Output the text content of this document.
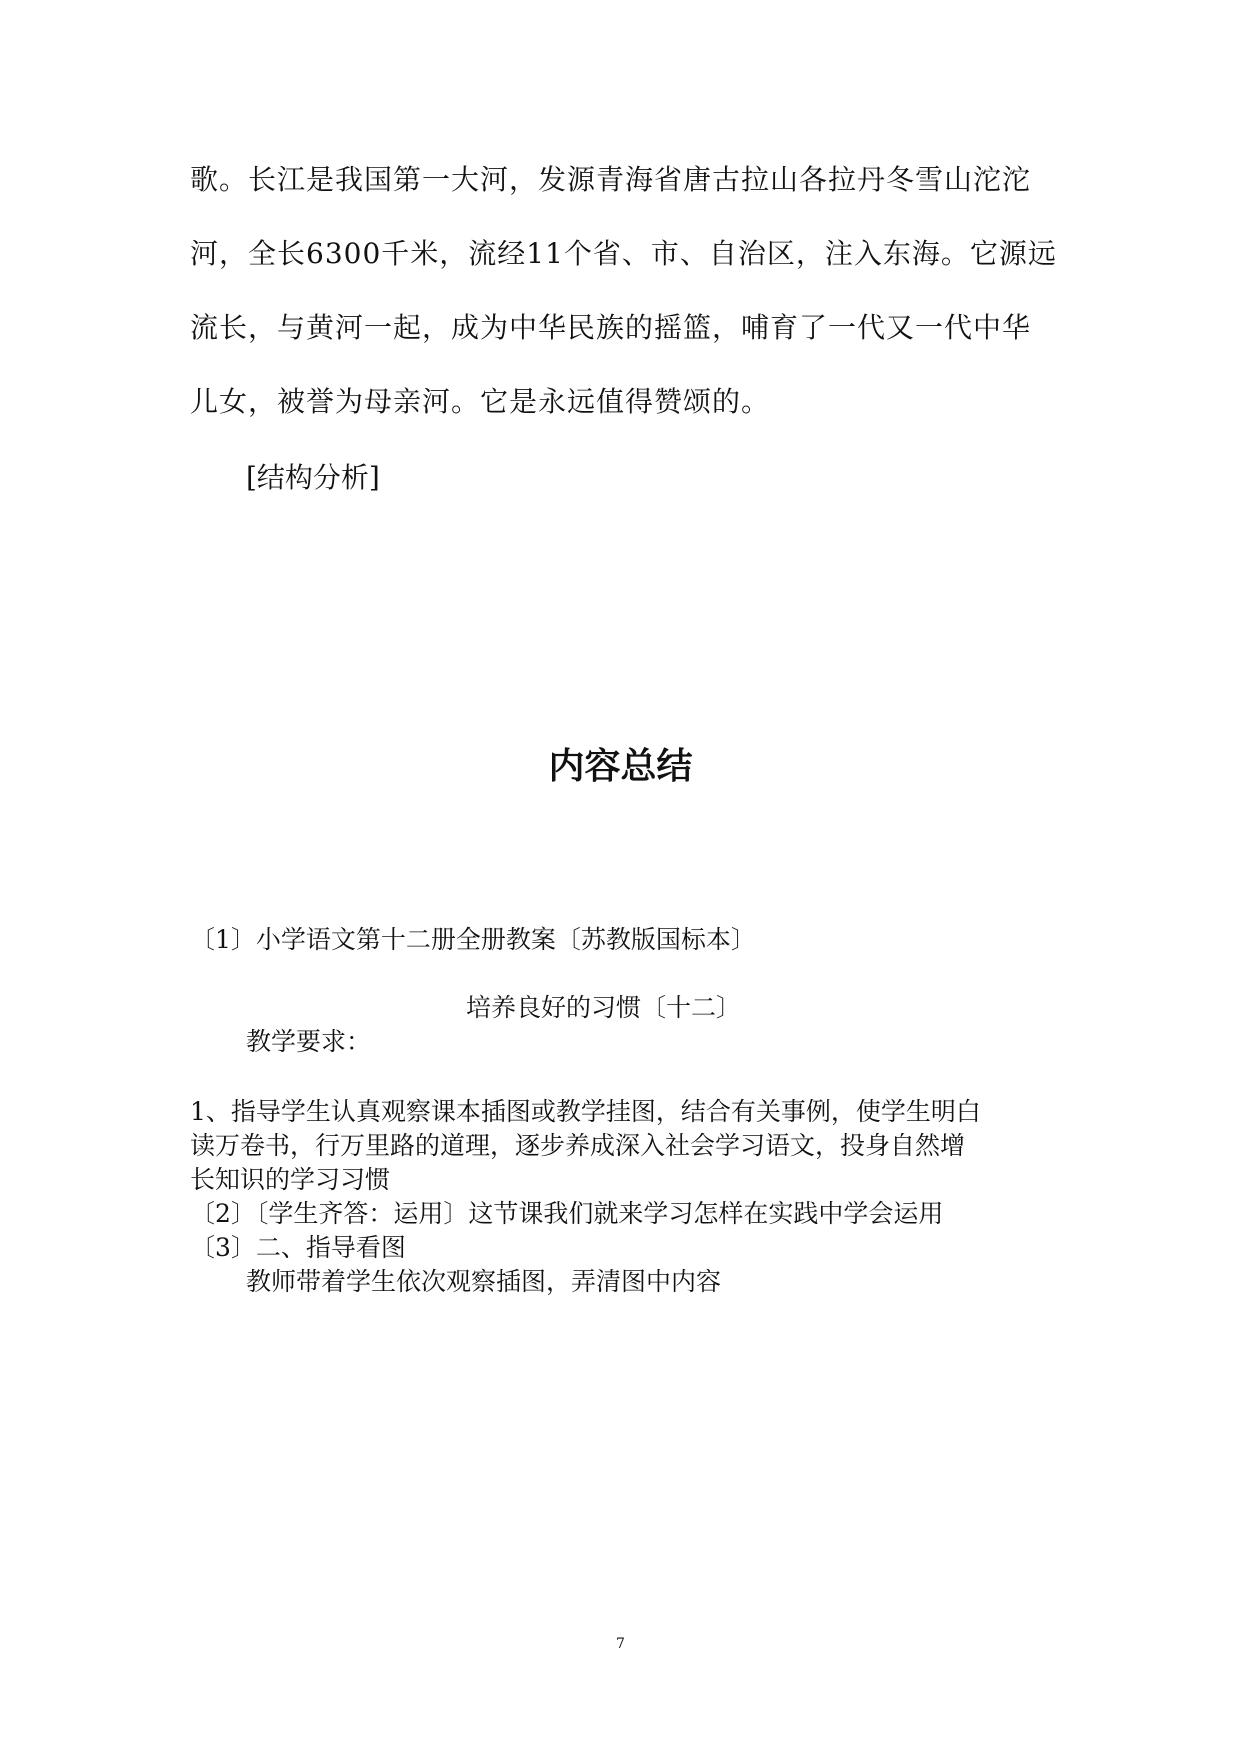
歌。长江是我国第一大河，发源青海省唐古拉山各拉丹冬雪山沱沱

河，全长6300千米，流经11个省、市、自治区，注入东海。它源远

流长，与黄河一起，成为中华民族的摇篮，哺育了一代又一代中华

儿女，被誉为母亲河。它是永远值得赞颂的。

[结构分析]

内容总结

〔1〕小学语文第十二册全册教案〔苏教版国标本〕

培养良好的习惯〔十二〕

教学要求：

1、指导学生认真观察课本插图或教学挂图，结合有关事例，使学生明白

读万卷书，行万里路的道理，逐步养成深入社会学习语文，投身自然增

长知识的学习习惯

〔2〕〔学生齐答：运用〕这节课我们就来学习怎样在实践中学会运用

〔3〕二、指导看图

教师带着学生依次观察插图，弄清图中内容

7
